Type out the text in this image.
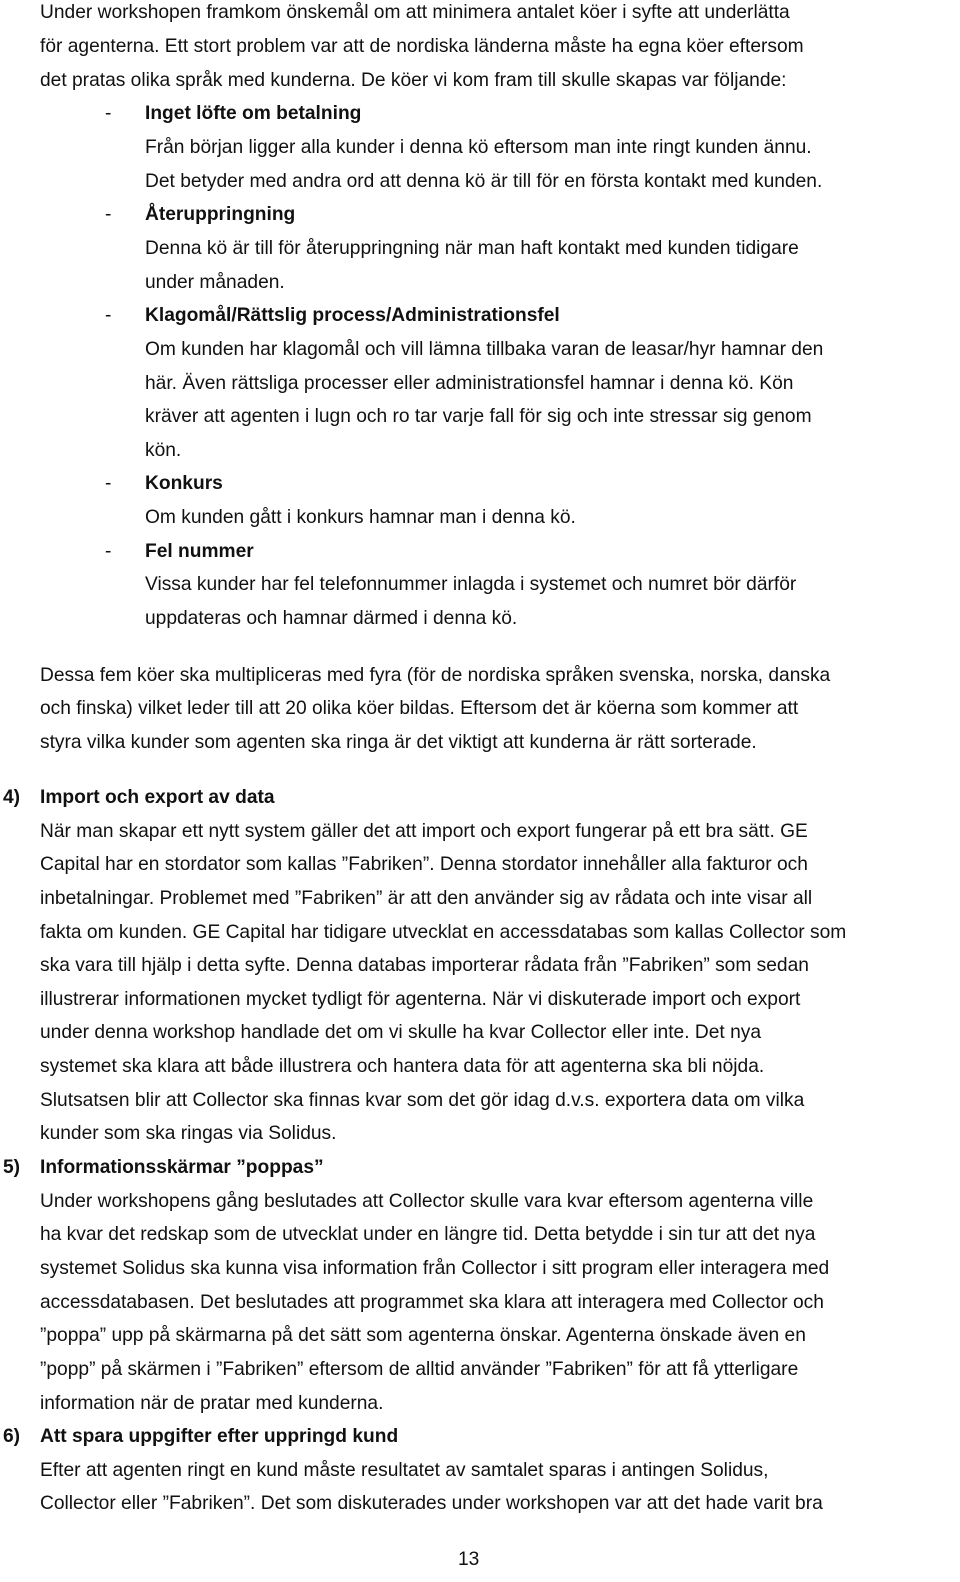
Under workshopen framkom önskemål om att minimera antalet köer i syfte att underlätta
för agenterna. Ett stort problem var att de nordiska länderna måste ha egna köer eftersom
det pratas olika språk med kunderna. De köer vi kom fram till skulle skapas var följande:
- Inget löfte om betalning
Från början ligger alla kunder i denna kö eftersom man inte ringt kunden ännu.
Det betyder med andra ord att denna kö är till för en första kontakt med kunden.
- Återuppringning
Denna kö är till för återuppringning när man haft kontakt med kunden tidigare
under månaden.
- Klagomål/Rättslig process/Administrationsfel
Om kunden har klagomål och vill lämna tillbaka varan de leasar/hyr hamnar den
här. Även rättsliga processer eller administrationsfel hamnar i denna kö. Kön
kräver att agenten i lugn och ro tar varje fall för sig och inte stressar sig genom
kön.
- Konkurs
Om kunden gått i konkurs hamnar man i denna kö.
- Fel nummer
Vissa kunder har fel telefonnummer inlagda i systemet och numret bör därför
uppdateras och hamnar därmed i denna kö.
Dessa fem köer ska multipliceras med fyra (för de nordiska språken svenska, norska, danska
och finska) vilket leder till att 20 olika köer bildas. Eftersom det är köerna som kommer att
styra vilka kunder som agenten ska ringa är det viktigt att kunderna är rätt sorterade.
4) Import och export av data
När man skapar ett nytt system gäller det att import och export fungerar på ett bra sätt. GE
Capital har en stordator som kallas ”Fabriken”. Denna stordator innehåller alla fakturor och
inbetalningar. Problemet med ”Fabriken” är att den använder sig av rådata och inte visar all
fakta om kunden. GE Capital har tidigare utvecklat en accessdatabas som kallas Collector som
ska vara till hjälp i detta syfte. Denna databas importerar rådata från ”Fabriken” som sedan
illustrerar informationen mycket tydligt för agenterna. När vi diskuterade import och export
under denna workshop handlade det om vi skulle ha kvar Collector eller inte. Det nya
systemet ska klara att både illustrera och hantera data för att agenterna ska bli nöjda.
Slutsatsen blir att Collector ska finnas kvar som det gör idag d.v.s. exportera data om vilka
kunder som ska ringas via Solidus.
5) Informationsskärmar ”poppas”
Under workshopens gång beslutades att Collector skulle vara kvar eftersom agenterna ville
ha kvar det redskap som de utvecklat under en längre tid. Detta betydde i sin tur att det nya
systemet Solidus ska kunna visa information från Collector i sitt program eller interagera med
accessdatabasen. Det beslutades att programmet ska klara att interagera med Collector och
”poppa” upp på skärmarna på det sätt som agenterna önskar. Agenterna önskade även en
”popp” på skärmen i ”Fabriken” eftersom de alltid använder ”Fabriken” för att få ytterligare
information när de pratar med kunderna.
6) Att spara uppgifter efter uppringd kund
Efter att agenten ringt en kund måste resultatet av samtalet sparas i antingen Solidus,
Collector eller ”Fabriken”. Det som diskuterades under workshopen var att det hade varit bra
13
